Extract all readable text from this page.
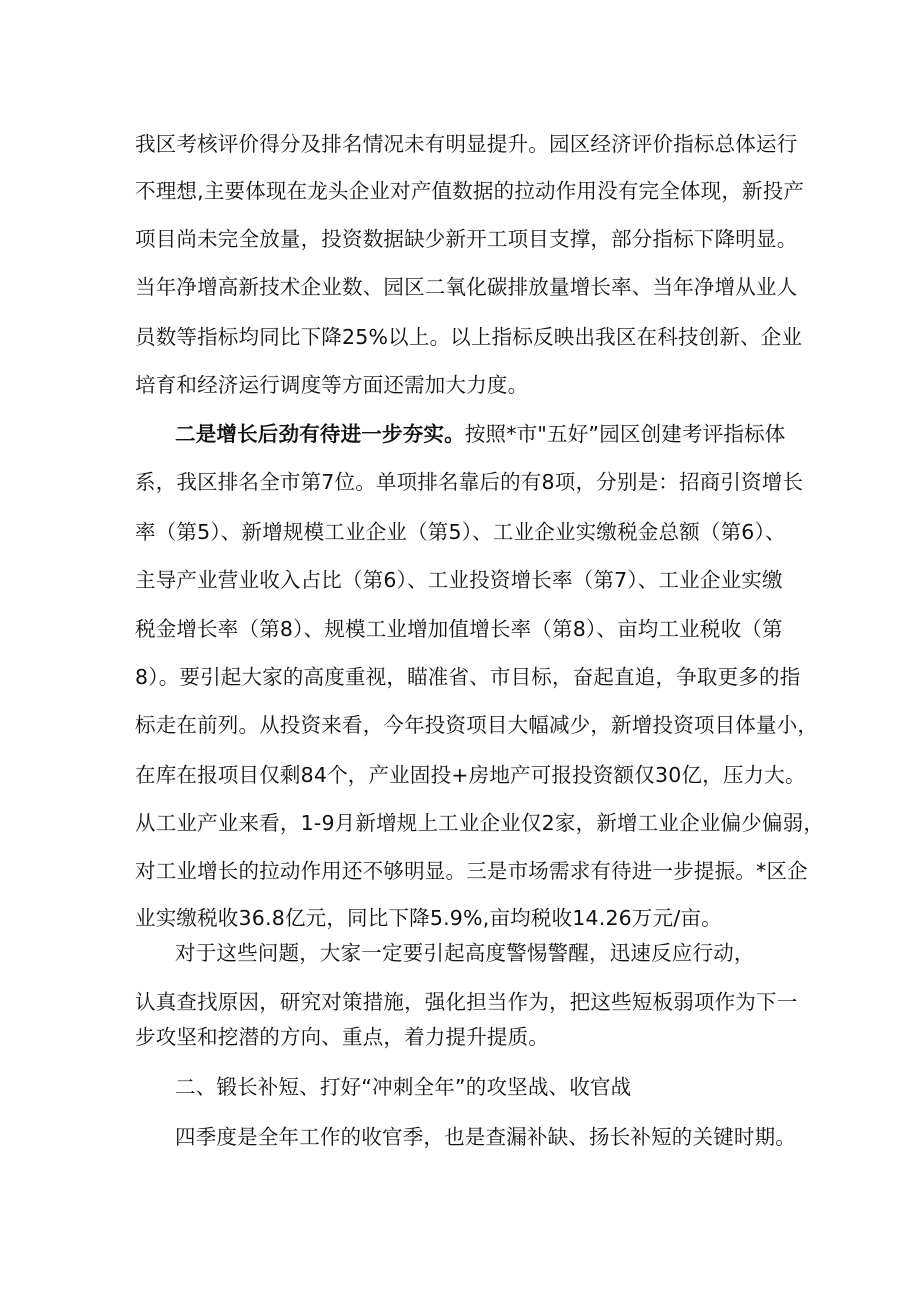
我区考核评价得分及排名情况未有明显提升。园区经济评价指标总体运行

不理想,主要体现在龙头企业对产值数据的拉动作用没有完全体现，新投产

项目尚未完全放量，投资数据缺少新开工项目支撑，部分指标下降明显。

当年净增高新技术企业数、园区二氧化碳排放量增长率、当年净增从业人

员数等指标均同比下降25%以上。以上指标反映出我区在科技创新、企业

培育和经济运行调度等方面还需加大力度。

二是增长后劲有待进一步夯实。按照*市"五好”园区创建考评指标体

系，我区排名全市第7位。单项排名靠后的有8项，分别是：招商引资增长

率（第5）、新增规模工业企业（第5）、工业企业实缴税金总额（第6）、

主导产业营业收入占比（第6）、工业投资增长率（第7）、工业企业实缴

税金增长率（第8）、规模工业增加值增长率（第8）、亩均工业税收（第

8）。要引起大家的高度重视，瞄准省、市目标，奋起直追，争取更多的指

标走在前列。从投资来看，今年投资项目大幅减少，新增投资项目体量小，

在库在报项目仅剩84个，产业固投+房地产可报投资额仅30亿，压力大。

从工业产业来看，1-9月新增规上工业企业仅2家，新增工业企业偏少偏弱，

对工业增长的拉动作用还不够明显。三是市场需求有待进一步提振。*区企

业实缴税收36.8亿元，同比下降5.9%,亩均税收14.26万元/亩。

对于这些问题，大家一定要引起高度警惕警醒，迅速反应行动，

认真查找原因，研究对策措施，强化担当作为，把这些短板弱项作为下一

步攻坚和挖潜的方向、重点，着力提升提质。

二、锻长补短、打好“冲刺全年”的攻坚战、收官战

四季度是全年工作的收官季，也是查漏补缺、扬长补短的关键时期。
